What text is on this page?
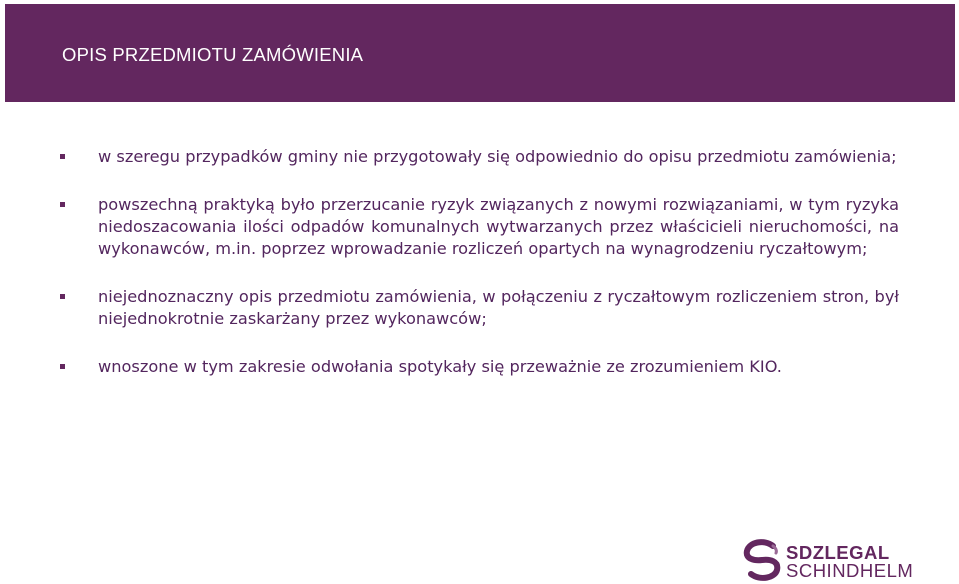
OPIS PRZEDMIOTU ZAMÓWIENIA
w szeregu przypadków gminy nie przygotowały się odpowiednio do opisu przedmiotu zamówienia;
powszechną praktyką było przerzucanie ryzyk związanych z nowymi rozwiązaniami, w tym ryzyka niedoszacowania ilości odpadów komunalnych wytwarzanych przez właścicieli nieruchomości, na wykonawców, m.in. poprzez wprowadzanie rozliczeń opartych na wynagrodzeniu ryczałtowym;
niejednoznaczny opis przedmiotu zamówienia, w połączeniu z ryczałtowym rozliczeniem stron, był niejednokrotnie zaskarżany przez wykonawców;
wnoszone w tym zakresie odwołania spotykały się przeważnie ze zrozumieniem KIO.
SDZLEGAL
SCHINDHELM
